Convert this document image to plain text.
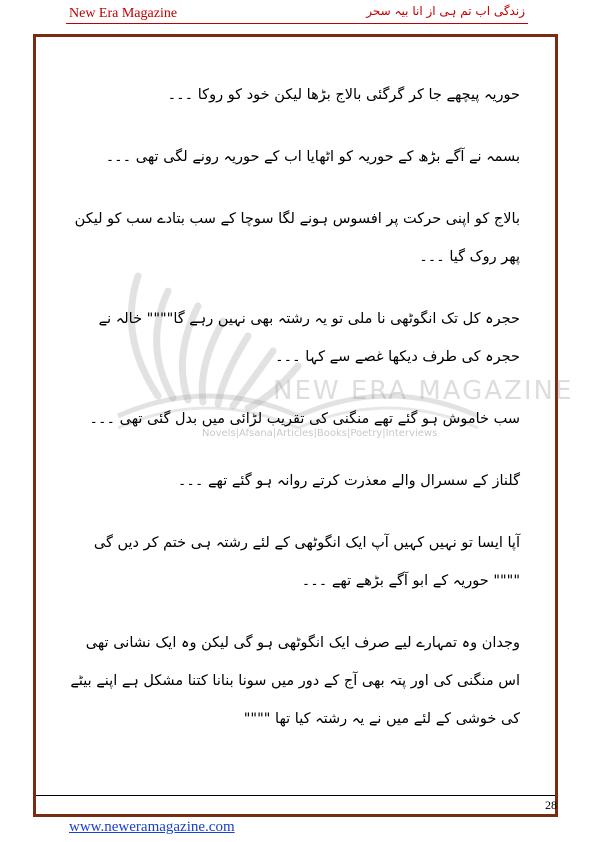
New Era Magazine	زندگی اب تم ہی از انا بیہ سحر
NEW ERA MAGAZINE
Novels|Afsana|Articles|Books|Poetry|Interviews

حوریہ پیچھے جا کر گرگئی بالاج بڑھا لیکن خود کو روکا ۔۔۔

بسمہ نے آگے بڑھ کے حوریہ کو اٹھایا اب کے حوریہ رونے لگی تھی ۔۔۔

بالاج کو اپنی حرکت پر افسوس ہونے لگا سوچا کے سب بتادے سب کو لیکن پھر روک گیا ۔۔۔

حجرہ کل تک انگوٹھی نا ملی تو یہ رشتہ بھی نہیں رہے گا"""" خالہ نے حجرہ کی طرف دیکھا غصے سے کہا ۔۔۔

سب خاموش ہو گئے تھے منگنی کی تقریب لڑائی میں بدل گئی تھی ۔۔۔

گلناز کے سسرال والے معذرت کرتے روانہ ہو گئے تھے ۔۔۔

آپا ایسا تو نہیں کہیں آپ ایک انگوٹھی کے لئے رشتہ ہی ختم کر دیں گی """" حوریہ کے ابو آگے بڑھے تھے ۔۔۔

وجدان وہ تمہارے لیے صرف ایک انگوٹھی ہو گی لیکن وہ ایک نشانی تھی اس منگنی کی اور پتہ بھی آج کے دور میں سونا بنانا کتنا مشکل ہے اپنے بیٹے کی خوشی کے لئے میں نے یہ رشتہ کیا تھا """"

28
www.neweramagazine.com
